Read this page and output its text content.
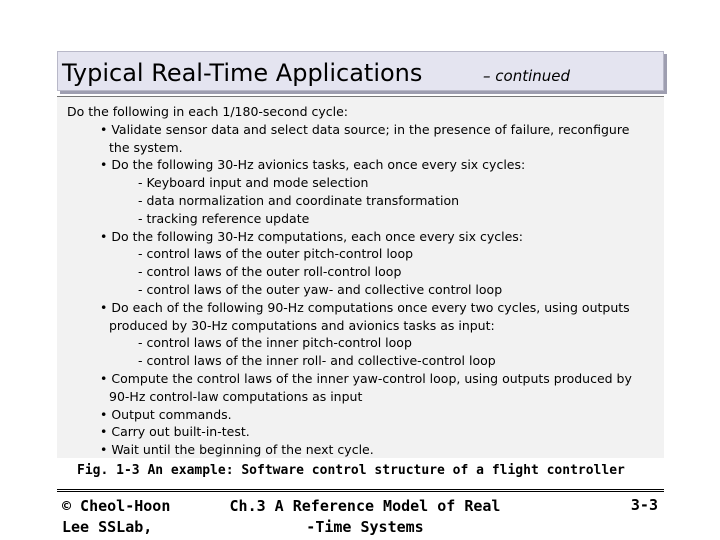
Typical Real-Time Applications	– continued
Do the following in each 1/180-second cycle:
• Validate sensor data and select data source; in the presence of failure, reconfigure
the system.
• Do the following 30-Hz avionics tasks, each once every six cycles:
- Keyboard input and mode selection
- data normalization and coordinate transformation
- tracking reference update
• Do the following 30-Hz computations, each once every six cycles:
- control laws of the outer pitch-control loop
- control laws of the outer roll-control loop
- control laws of the outer yaw- and collective control loop
• Do each of the following 90-Hz computations once every two cycles, using outputs
produced by 30-Hz computations and avionics tasks as input:
- control laws of the inner pitch-control loop
- control laws of the inner roll- and collective-control loop
• Compute the control laws of the inner yaw-control loop, using outputs produced by
90-Hz control-law computations as input
• Output commands.
• Carry out built-in-test.
• Wait until the beginning of the next cycle.
Fig. 1-3 An example: Software control structure of a flight controller
© Cheol-Hoon
Lee SSLab,
Ch.3 A Reference Model of Real
-Time Systems
3-3
